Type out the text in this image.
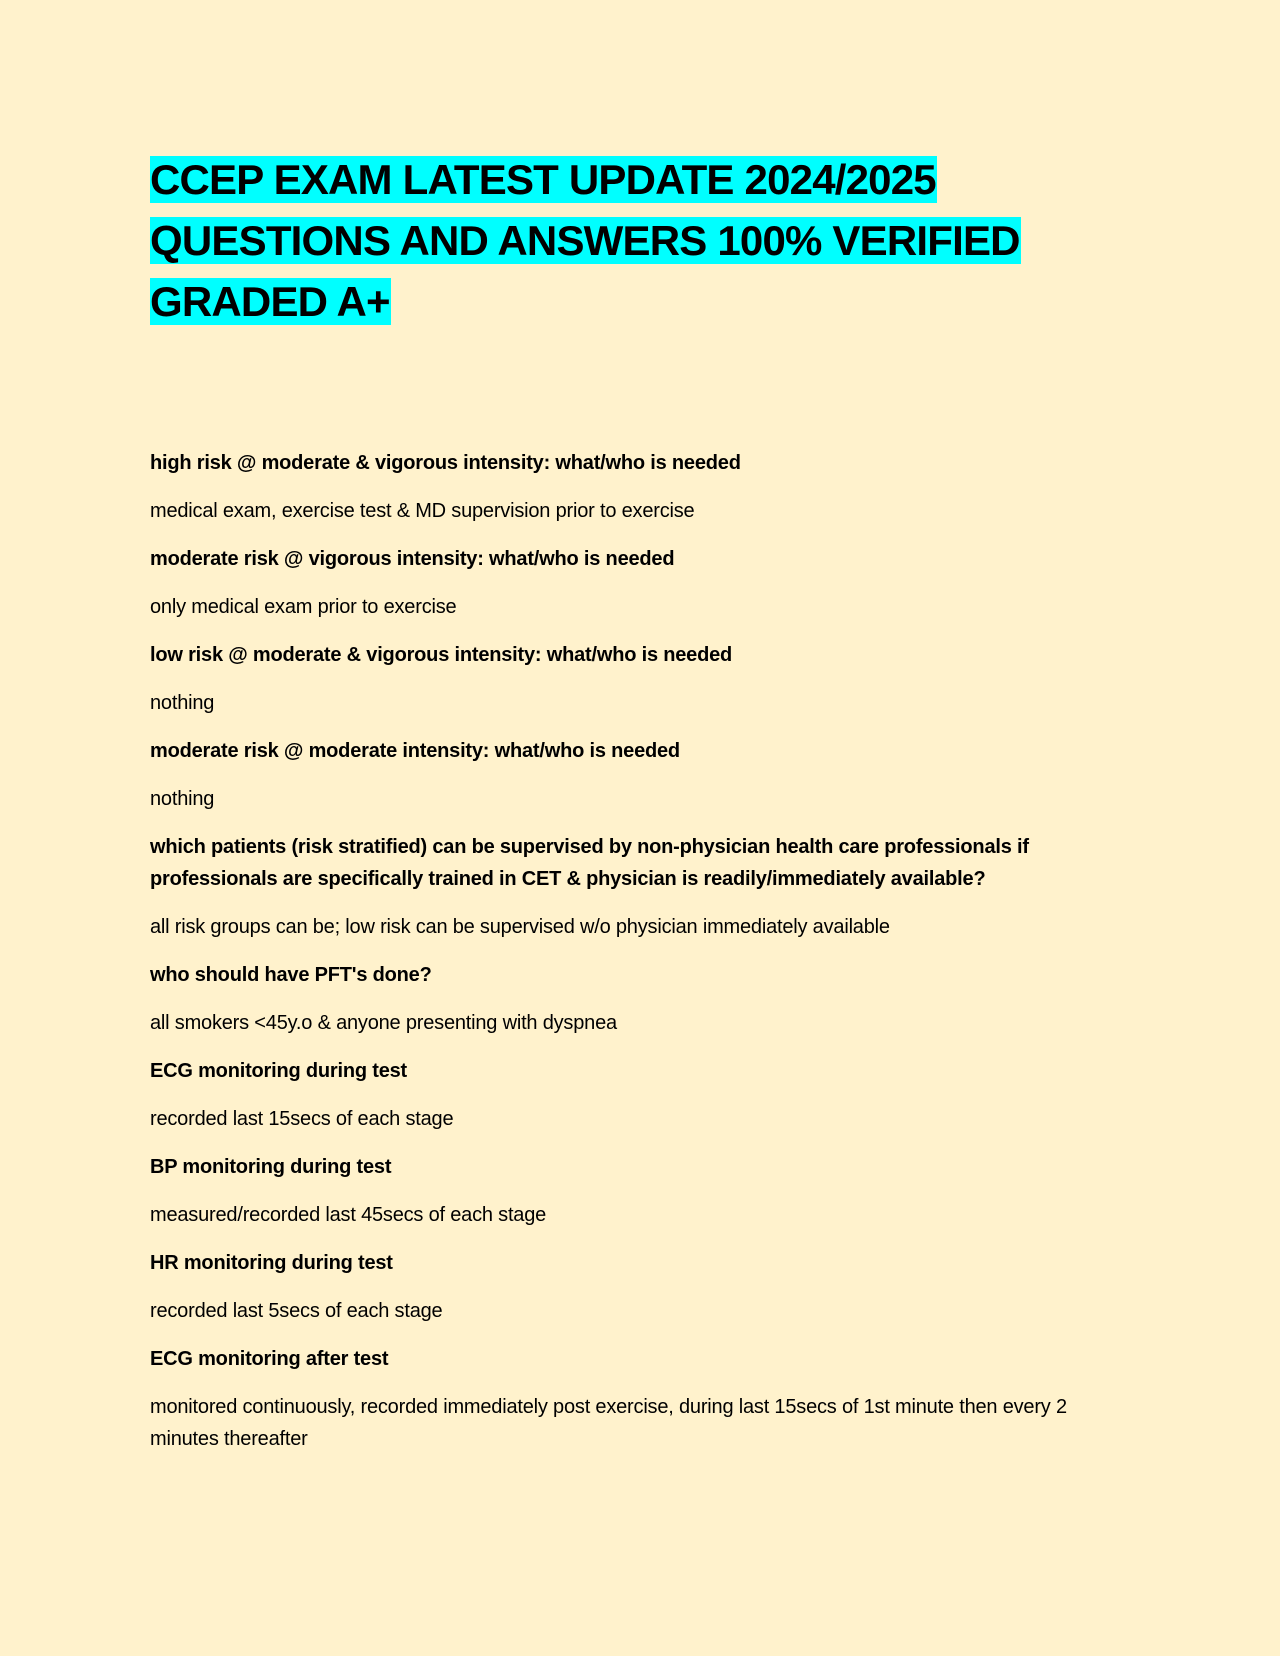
CCEP EXAM LATEST UPDATE 2024/2025
QUESTIONS AND ANSWERS 100% VERIFIED
GRADED A+

high risk @ moderate & vigorous intensity: what/who is needed

medical exam, exercise test & MD supervision prior to exercise

moderate risk @ vigorous intensity: what/who is needed

only medical exam prior to exercise

low risk @ moderate & vigorous intensity: what/who is needed

nothing

moderate risk @ moderate intensity: what/who is needed

nothing

which patients (risk stratified) can be supervised by non-physician health care professionals if professionals are specifically trained in CET & physician is readily/immediately available?

all risk groups can be; low risk can be supervised w/o physician immediately available

who should have PFT's done?

all smokers <45y.o & anyone presenting with dyspnea

ECG monitoring during test

recorded last 15secs of each stage

BP monitoring during test

measured/recorded last 45secs of each stage

HR monitoring during test

recorded last 5secs of each stage

ECG monitoring after test

monitored continuously, recorded immediately post exercise, during last 15secs of 1st minute then every 2 minutes thereafter
